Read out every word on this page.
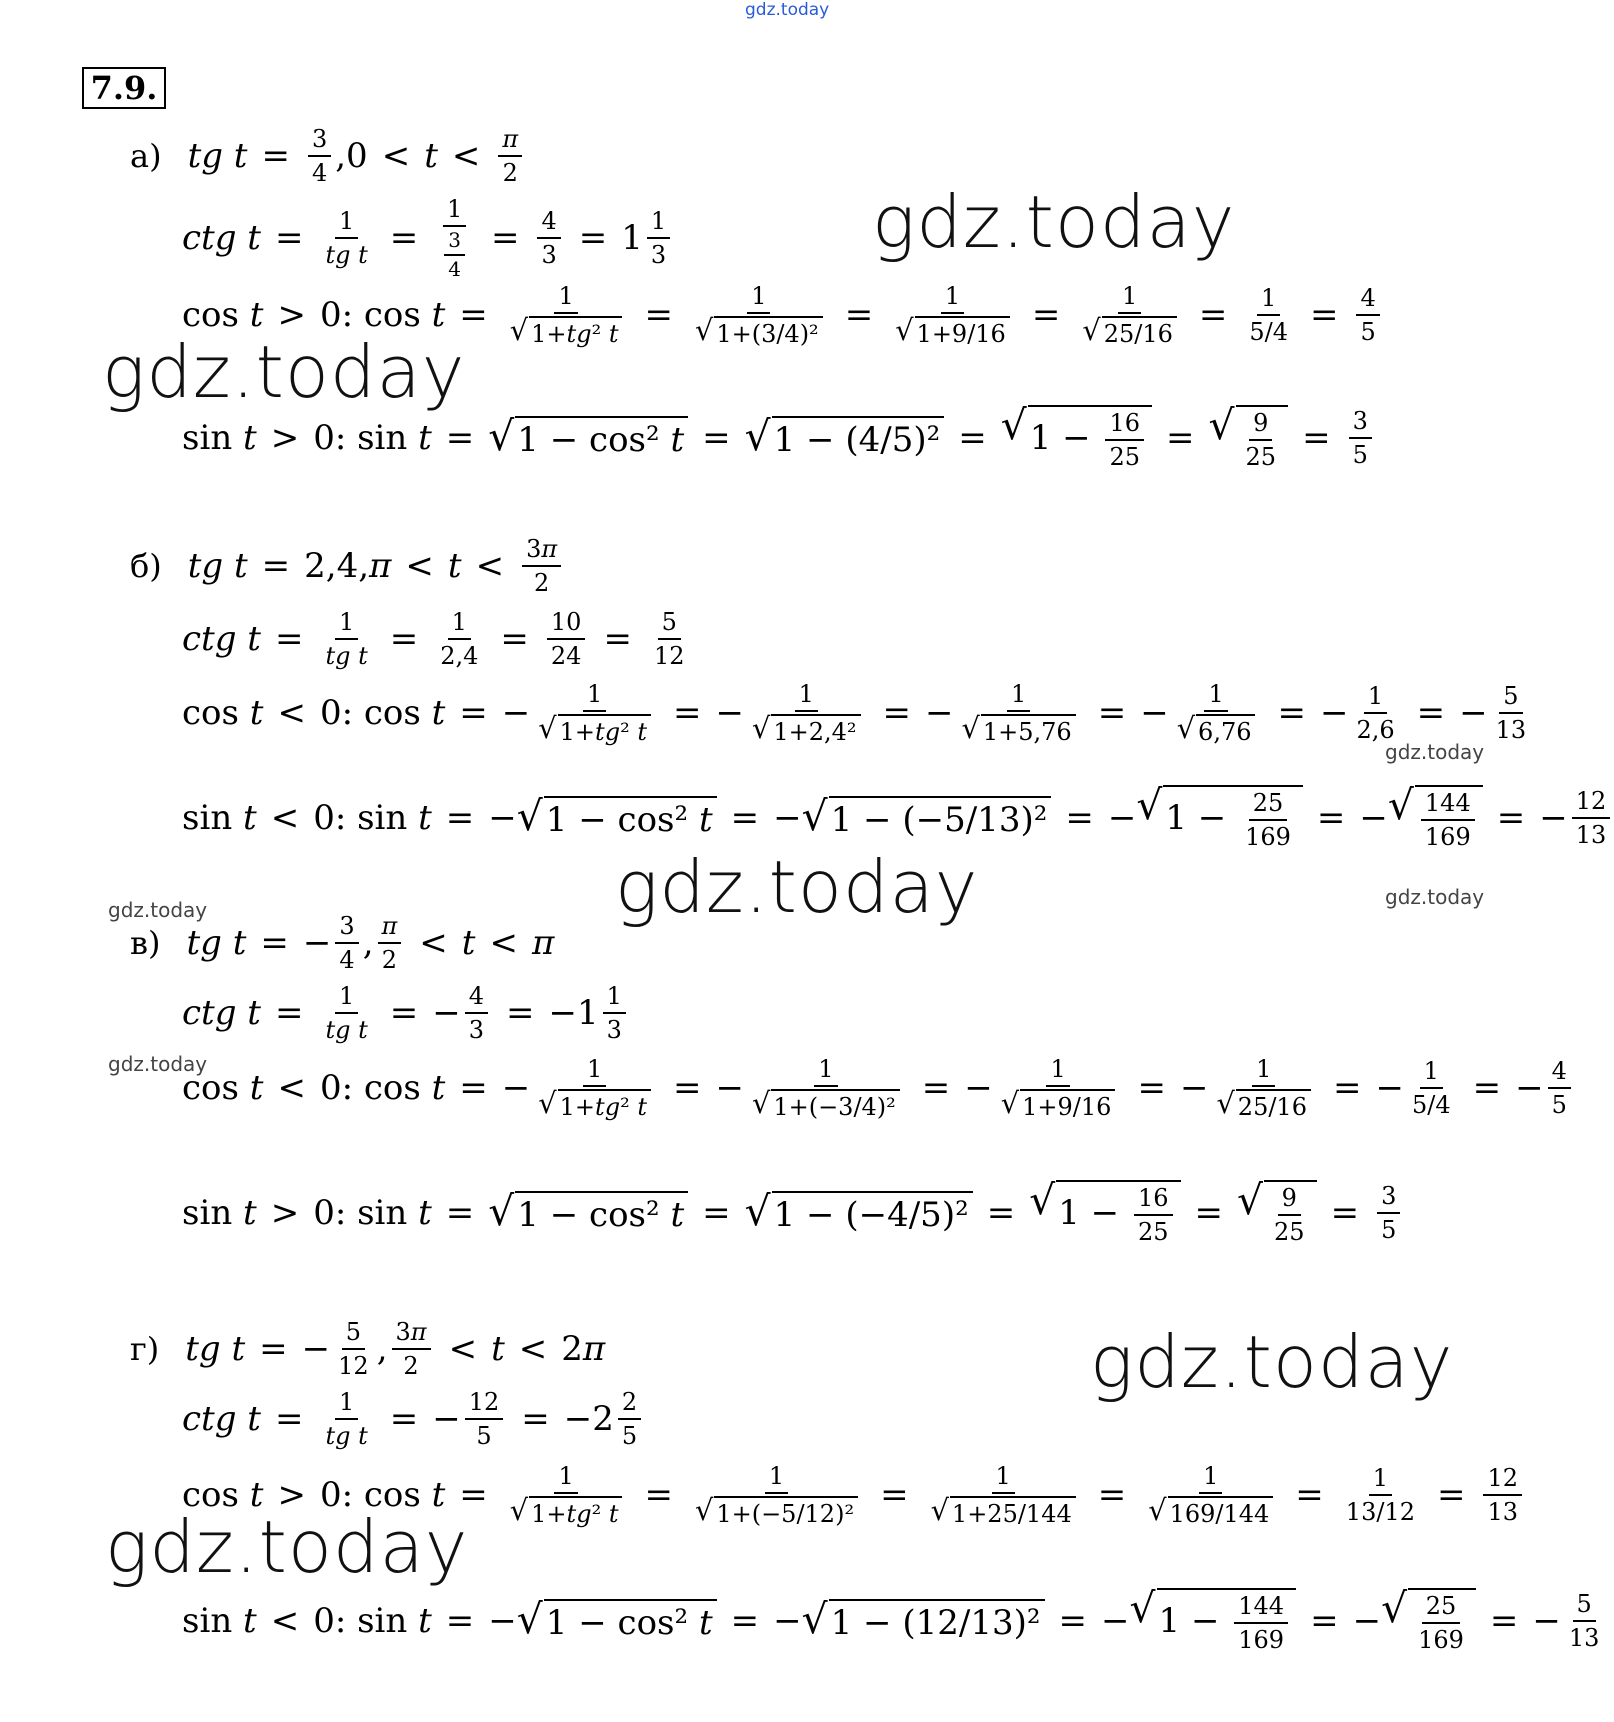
gdz.today
7.9.
gdz.today
gdz.today
gdz.today
gdz.today
gdz.today
gdz.today
gdz.today
gdz.today
gdz.today
а) tg $t = \frac{3}{4} ,0 < t < \frac{\pi}{2}$
ctg $t = \frac{1}{\text{tg t}} = \frac{1}{\frac{3}{4}} = \frac{4}{3} = 1 \frac{1}{3}$
cos t > 0: $\cos t = \frac{1}{\text{√ 1+tg² t}} = \frac{1}{\text{√ 1+(3/4)²}} = \frac{1}{√ 1+9/16} = \frac{1}{√ 25/16} = \frac{1}{5/4} = \frac{4}{5}$
sin t > 0: sin t = √ 1 − cos² t = √ 1 − (4/5)² = √ $1 - \frac{16}{25}$ = √ $\frac{9}{25} = \frac{3}{5}$
б) tg t = 2,4, $\pi < t < \frac{3\pi}{2}$
ctg $t = \frac{1}{\text{tg t}} = \frac{1}{2,4} = \frac{10}{24} = \frac{5}{12}$
cos t < 0: cos t = − $\frac{1}{\text{√ 1+tg² t}}$ = − $\frac{1}{\text{√ 1+2,4²}}$ = − $\frac{1}{√ 1+5,76}$ = − $\frac{1}{√ 6,76}$ = − $\frac{1}{2,6}$ = − $\frac{5}{13}$
sin t < 0: sin t = − √ 1 − cos² t = − √ 1 − (−5/13)² = − √ $1 - \frac{25}{169}$ = − √ $\frac{144}{169}$ = − $\frac{12}{13}$
в) tg t = − $\frac{3}{4}$ , $\frac{\pi}{2} < t < \pi$
ctg $t = \frac{1}{\text{tg t}}$ = − $\frac{4}{3} = -1 \frac{1}{3}$
cos t < 0: cos t = − $\frac{1}{\text{√ 1+tg² t}}$ = − $\frac{1}{\text{√ 1+(−3/4)²}}$ = − $\frac{1}{√ 1+9/16}$ = − $\frac{1}{√ 25/16}$ = − $\frac{1}{5/4}$ = − $\frac{4}{5}$
sin t > 0: sin t = √ 1 − cos² t = √ 1 − (−4/5)² = √ $1 - \frac{16}{25}$ = √ $\frac{9}{25} = \frac{3}{5}$
г) tg t = − $\frac{5}{12}$ , $\frac{3\pi}{2} < t < 2\pi$
ctg $t = \frac{1}{\text{tg t}}$ = − $\frac{12}{5} = -2 \frac{2}{5}$
cos t > 0: $\cos t = \frac{1}{\text{√ 1+tg² t}} = \frac{1}{\text{√ 1+(−5/12)²}} = \frac{1}{√ 1+25/144} = \frac{1}{√ 169/144} = \frac{1}{13/12} = \frac{12}{13}$
sin t < 0: sin t = − √ 1 − cos² t = − √ 1 − (12/13)² = − √ $1 - \frac{144}{169}$ = − √ $\frac{25}{169}$ = − $\frac{5}{13}$
